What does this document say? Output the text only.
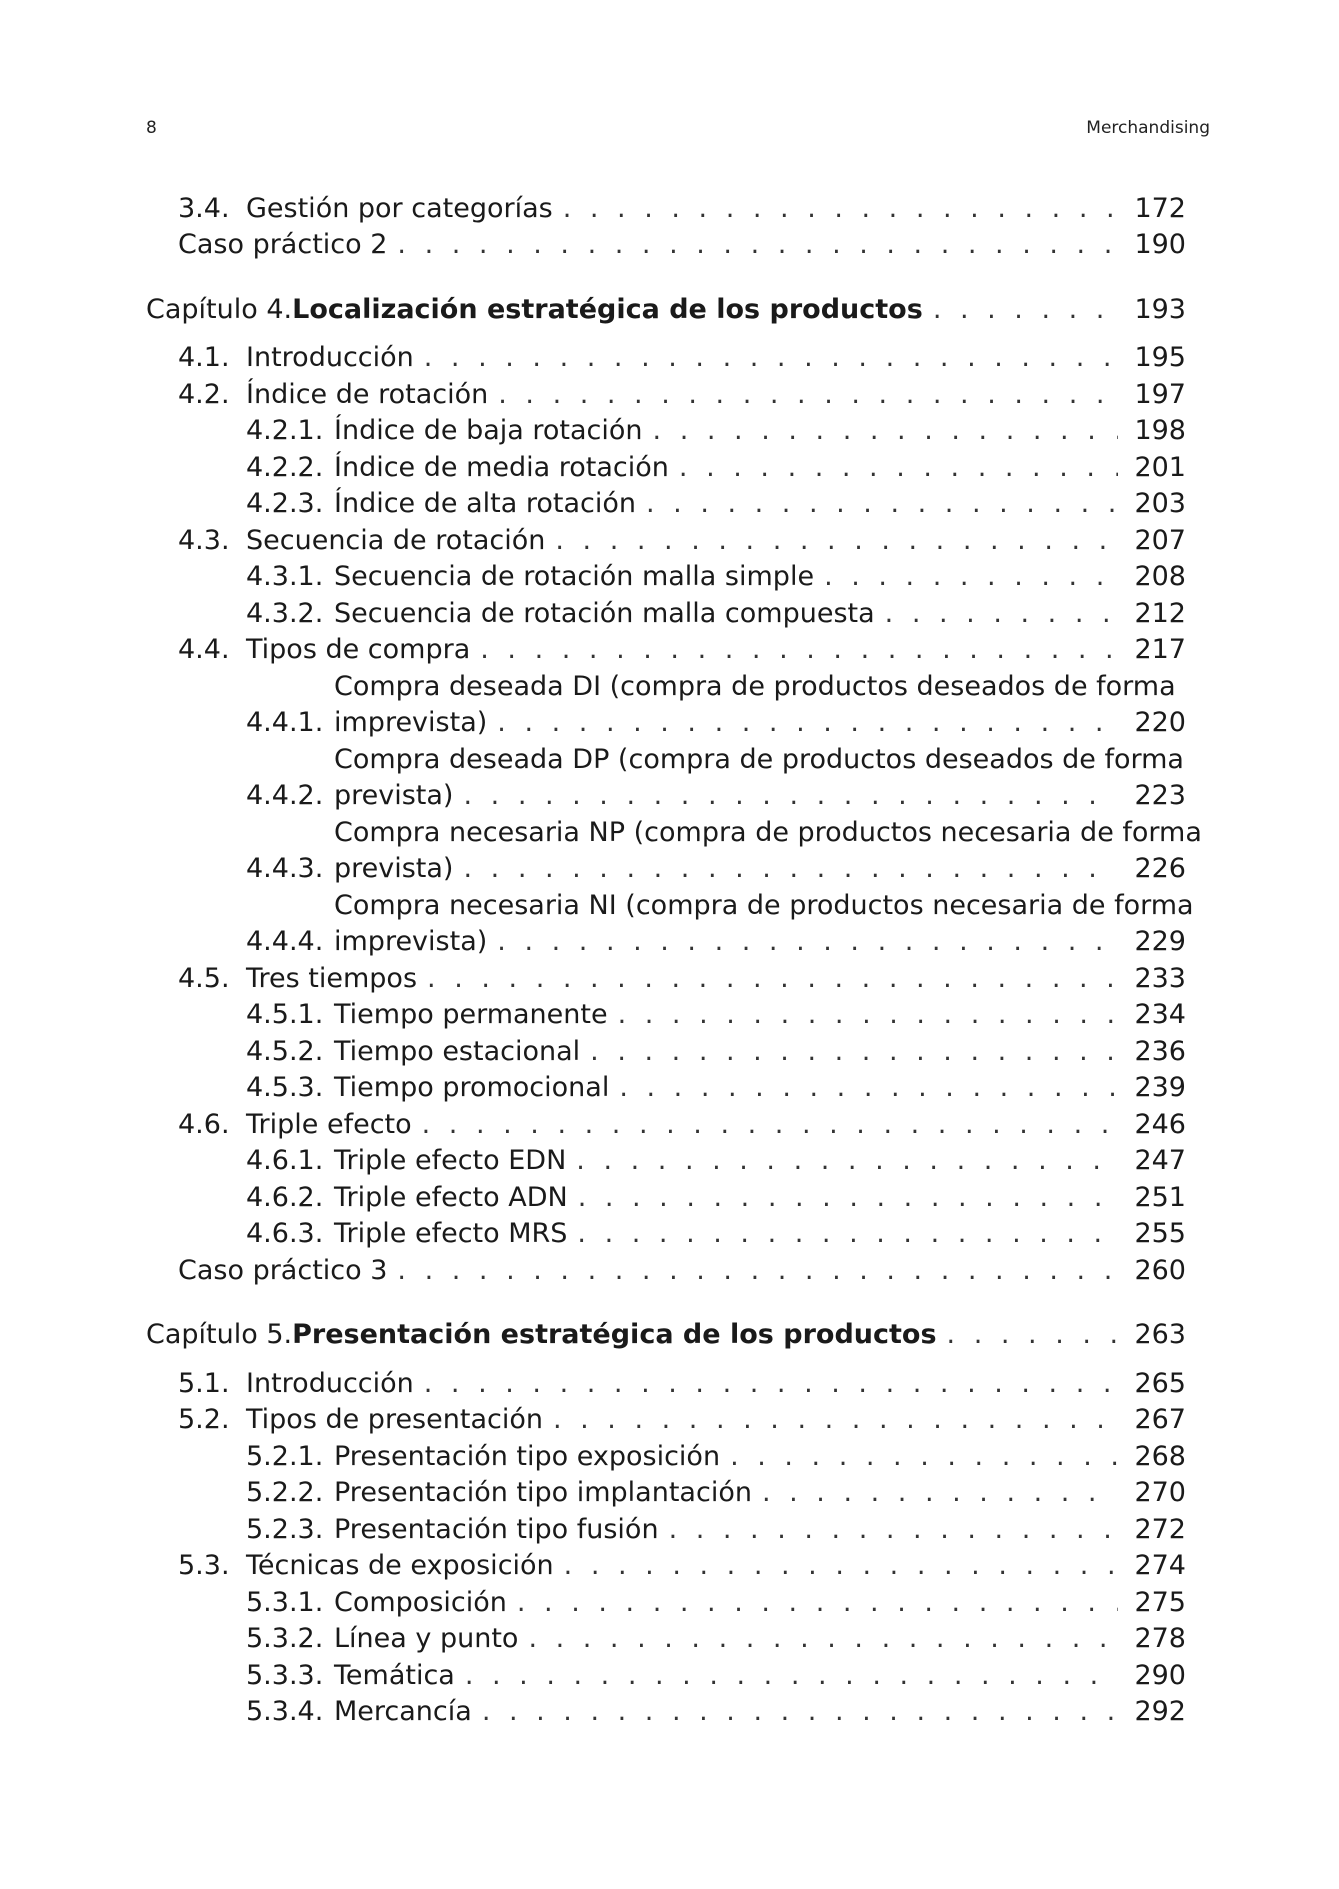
8	Merchandising
3.4. Gestión por categorías . . .	172
Caso práctico 2 . . .	190
Capítulo 4. Localización estratégica de los productos . . .	193
4.1. Introducción . . .	195
4.2. Índice de rotación . . .	197
4.2.1. Índice de baja rotación . . .	198
4.2.2. Índice de media rotación . . .	201
4.2.3. Índice de alta rotación . . .	203
4.3. Secuencia de rotación . . .	207
4.3.1. Secuencia de rotación malla simple . . .	208
4.3.2. Secuencia de rotación malla compuesta . . .	212
4.4. Tipos de compra . . .	217
4.4.1.
Compra deseada DI (compra de productos deseados de forma
imprevista) . . .	220
4.4.2.
Compra deseada DP (compra de productos deseados de forma
prevista) . . .	223
4.4.3.
Compra necesaria NP (compra de productos necesaria de forma
prevista) . . .	226
4.4.4.
Compra necesaria NI (compra de productos necesaria de forma
imprevista) . . .	229
4.5. Tres tiempos . . .	233
4.5.1. Tiempo permanente . . .	234
4.5.2. Tiempo estacional . . .	236
4.5.3. Tiempo promocional . . .	239
4.6. Triple efecto . . .	246
4.6.1. Triple efecto EDN . . .	247
4.6.2. Triple efecto ADN . . .	251
4.6.3. Triple efecto MRS . . .	255
Caso práctico 3 . . .	260
Capítulo 5. Presentación estratégica de los productos . . .	263
5.1. Introducción . . .	265
5.2. Tipos de presentación . . .	267
5.2.1. Presentación tipo exposición . . .	268
5.2.2. Presentación tipo implantación . . .	270
5.2.3. Presentación tipo fusión . . .	272
5.3. Técnicas de exposición . . .	274
5.3.1. Composición . . .	275
5.3.2. Línea y punto . . .	278
5.3.3. Temática . . .	290
5.3.4. Mercancía . . .	292
